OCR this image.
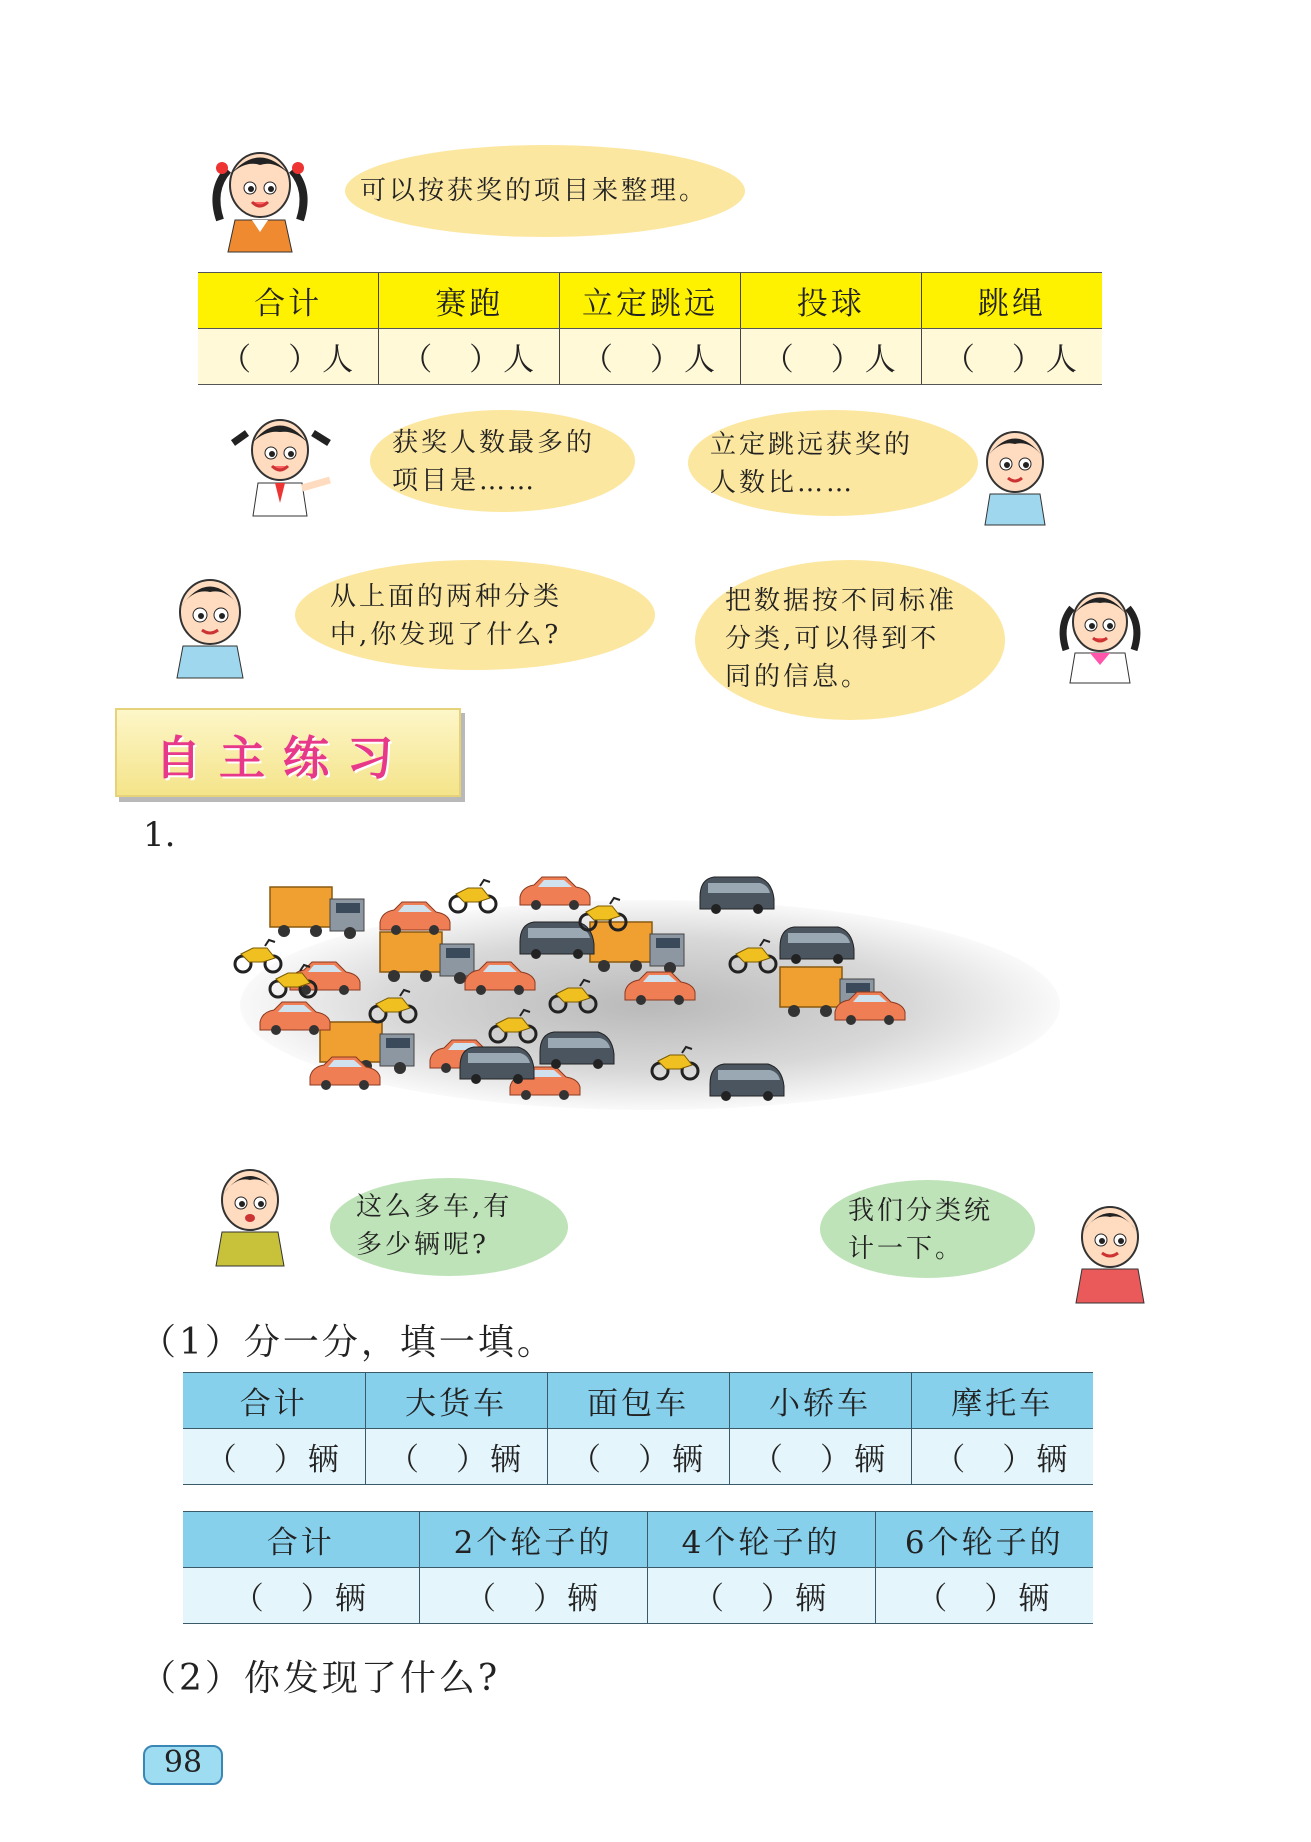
可以按获奖的项目来整理。
合计	赛跑	立定跳远	投球	跳绳
（　）人	（　）人	（　）人	（　）人	（　）人
获奖人数最多的
项目是……
立定跳远获奖的
人数比……
从上面的两种分类
中,你发现了什么?
把数据按不同标准
分类,可以得到不
同的信息。
自主练习
1.
这么多车,有
多少辆呢?
我们分类统
计一下。
（1）分一分，填一填。
合计	大货车	面包车	小轿车	摩托车
（　）辆	（　）辆	（　）辆	（　）辆	（　）辆
合计	2个轮子的	4个轮子的	6个轮子的
（　）辆	（　）辆	（　）辆	（　）辆
（2）你发现了什么?
98
